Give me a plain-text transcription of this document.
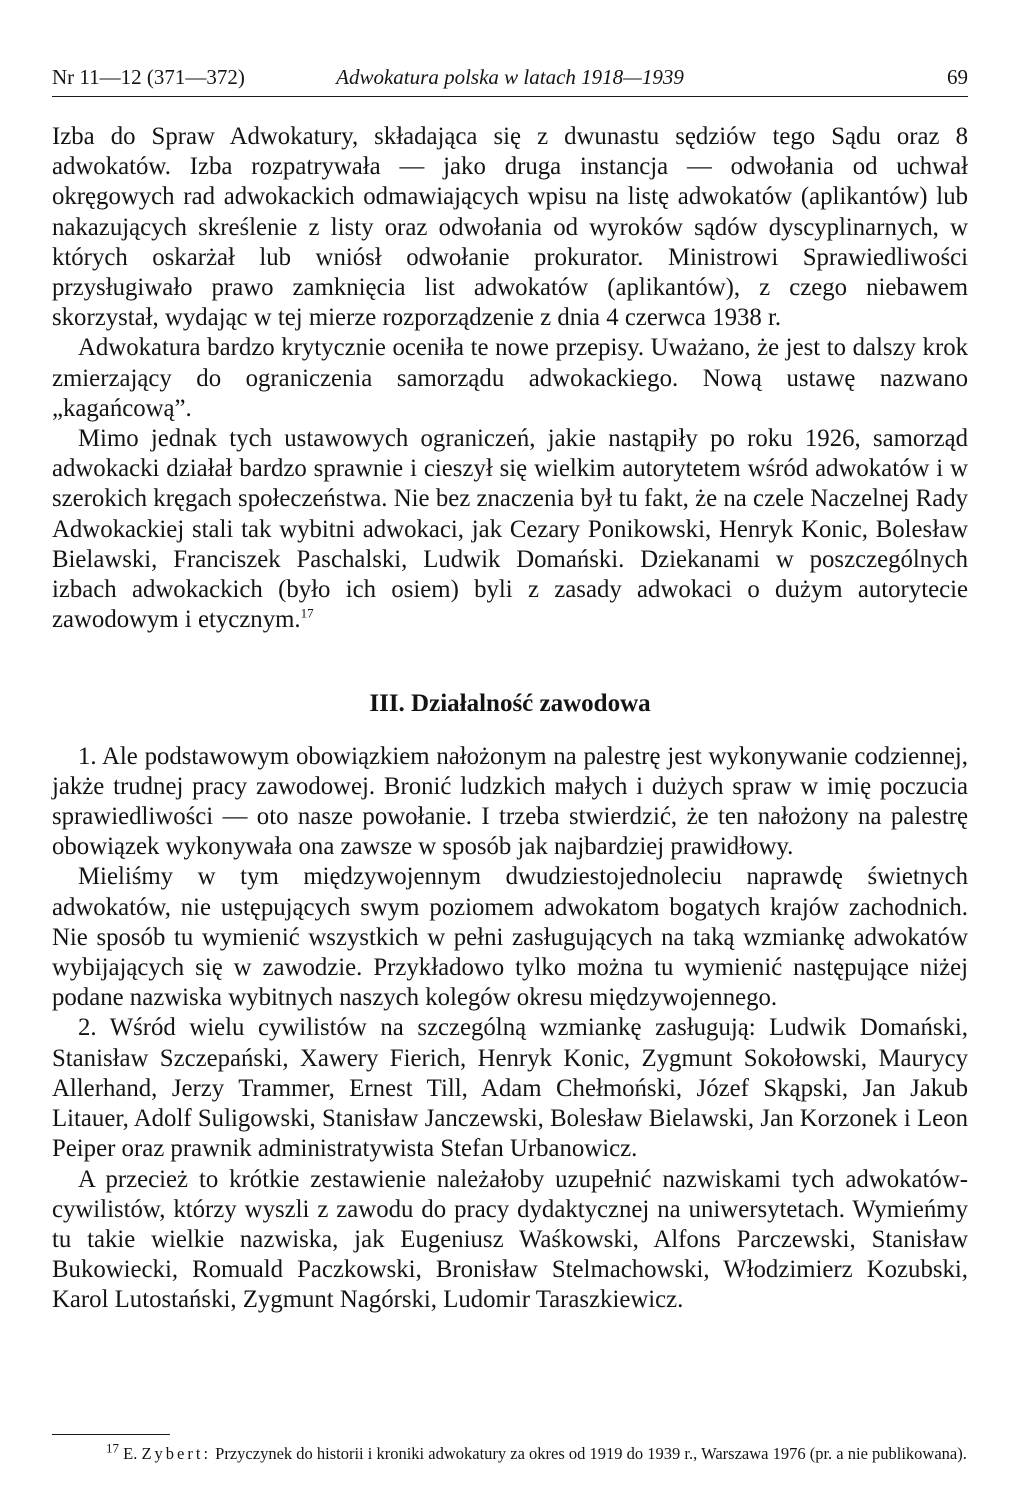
Nr 11—12 (371—372)	Adwokatura polska w latach 1918—1939	69

Izba do Spraw Adwokatury, składająca się z dwunastu sędziów tego Sądu oraz 8 adwokatów. Izba rozpatrywała — jako druga instancja — odwołania od uchwał okręgowych rad adwokackich odmawiających wpisu na listę adwokatów (aplikantów) lub nakazujących skreślenie z listy oraz odwołania od wyroków sądów dyscyplinarnych, w których oskarżał lub wniósł odwołanie prokurator. Ministrowi Sprawiedliwości przysługiwało prawo zamknięcia list adwokatów (aplikantów), z czego niebawem skorzystał, wydając w tej mierze rozporządzenie z dnia 4 czerwca 1938 r.

Adwokatura bardzo krytycznie oceniła te nowe przepisy. Uważano, że jest to dalszy krok zmierzający do ograniczenia samorządu adwokackiego. Nową ustawę nazwano „kagańcową”.

Mimo jednak tych ustawowych ograniczeń, jakie nastąpiły po roku 1926, samorząd adwokacki działał bardzo sprawnie i cieszył się wielkim autorytetem wśród adwokatów i w szerokich kręgach społeczeństwa. Nie bez znaczenia był tu fakt, że na czele Naczelnej Rady Adwokackiej stali tak wybitni adwokaci, jak Cezary Ponikowski, Henryk Konic, Bolesław Bielawski, Franciszek Paschalski, Ludwik Domański. Dziekanami w poszczególnych izbach adwokackich (było ich osiem) byli z zasady adwokaci o dużym autorytecie zawodowym i etycznym.$^{17}$

III. Działalność zawodowa

1. Ale podstawowym obowiązkiem nałożonym na palestrę jest wykonywanie codziennej, jakże trudnej pracy zawodowej. Bronić ludzkich małych i dużych spraw w imię poczucia sprawiedliwości — oto nasze powołanie. I trzeba stwierdzić, że ten nałożony na palestrę obowiązek wykonywała ona zawsze w sposób jak najbardziej prawidłowy.

Mieliśmy w tym międzywojennym dwudziestojednoleciu naprawdę świetnych adwokatów, nie ustępujących swym poziomem adwokatom bogatych krajów zachodnich. Nie sposób tu wymienić wszystkich w pełni zasługujących na taką wzmiankę adwokatów wybijających się w zawodzie. Przykładowo tylko można tu wymienić następujące niżej podane nazwiska wybitnych naszych kolegów okresu międzywojennego.

2. Wśród wielu cywilistów na szczególną wzmiankę zasługują: Ludwik Domański, Stanisław Szczepański, Xawery Fierich, Henryk Konic, Zygmunt Sokołowski, Maurycy Allerhand, Jerzy Trammer, Ernest Till, Adam Chełmoński, Józef Skąpski, Jan Jakub Litauer, Adolf Suligowski, Stanisław Janczewski, Bolesław Bielawski, Jan Korzonek i Leon Peiper oraz prawnik administratywista Stefan Urbanowicz.

A przecież to krótkie zestawienie należałoby uzupełnić nazwiskami tych adwokatów-cywilistów, którzy wyszli z zawodu do pracy dydaktycznej na uniwersytetach. Wymieńmy tu takie wielkie nazwiska, jak Eugeniusz Waśkowski, Alfons Parczewski, Stanisław Bukowiecki, Romuald Paczkowski, Bronisław Stelmachowski, Włodzimierz Kozubski, Karol Lutostański, Zygmunt Nagórski, Ludomir Taraszkiewicz.

$^{17}$ E. Zybert: Przyczynek do historii i kroniki adwokatury za okres od 1919 do 1939 r., Warszawa 1976 (pr. a nie publikowana).
